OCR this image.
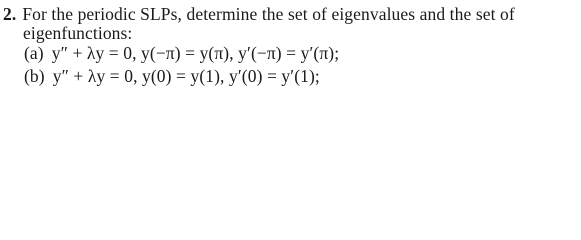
2. For the periodic SLPs, determine the set of eigenvalues and the set of
eigenfunctions:
(a) y″ + λy = 0, y(−π) = y(π), y′(−π) = y′(π);
(b) y″ + λy = 0, y(0) = y(1), y′(0) = y′(1);
